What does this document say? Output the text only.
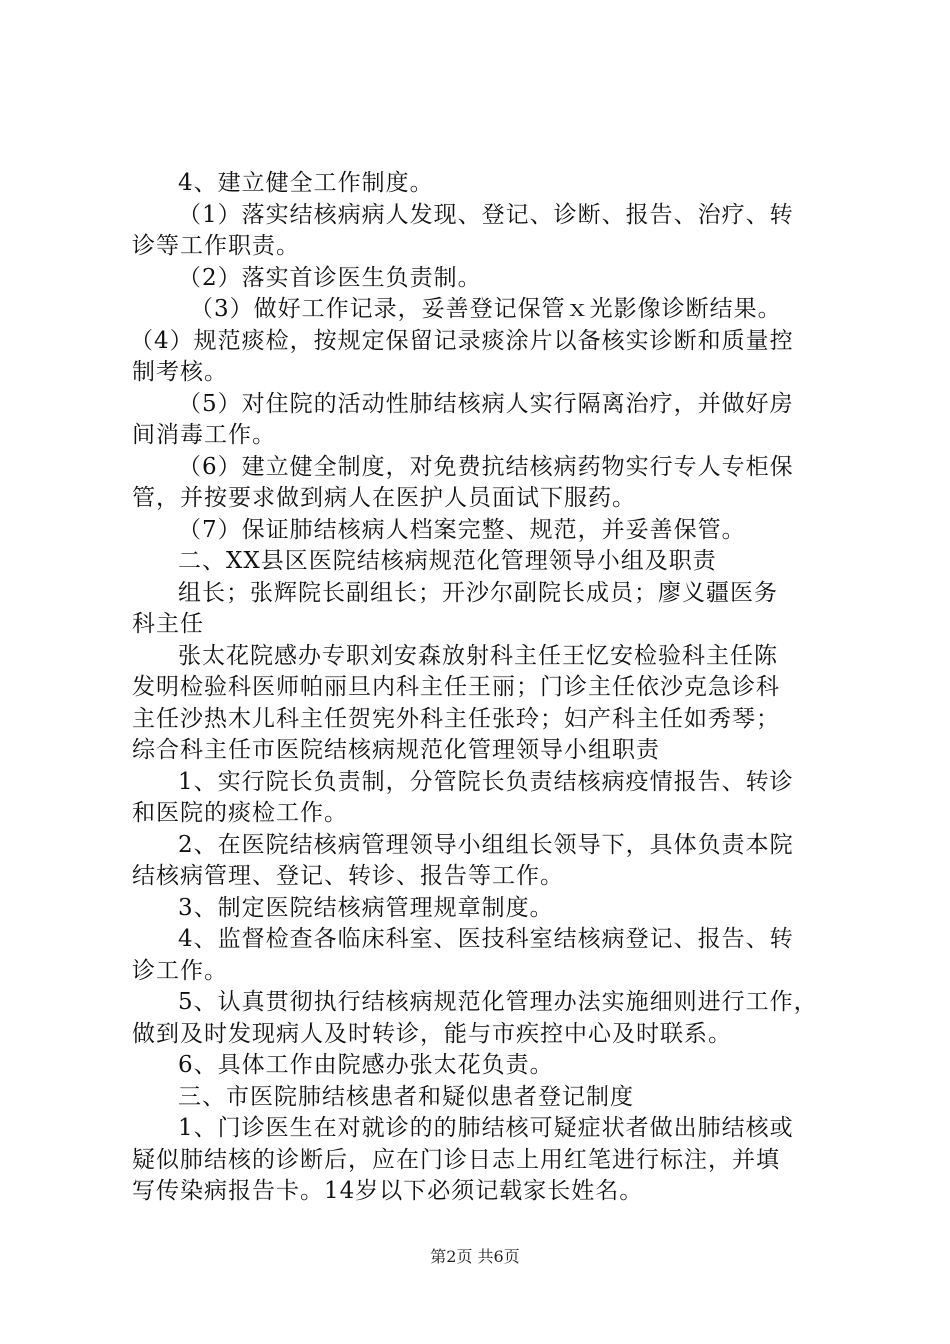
4、建立健全工作制度。
（1）落实结核病病人发现、登记、诊断、报告、治疗、转
诊等工作职责。
（2）落实首诊医生负责制。
（3）做好工作记录，妥善登记保管ｘ光影像诊断结果。
（4）规范痰检，按规定保留记录痰涂片以备核实诊断和质量控
制考核。
（5）对住院的活动性肺结核病人实行隔离治疗，并做好房
间消毒工作。
（6）建立健全制度，对免费抗结核病药物实行专人专柜保
管，并按要求做到病人在医护人员面试下服药。
（7）保证肺结核病人档案完整、规范，并妥善保管。
二、XX县区医院结核病规范化管理领导小组及职责
组长；张辉院长副组长；开沙尔副院长成员；廖义疆医务
科主任
张太花院感办专职刘安森放射科主任王忆安检验科主任陈
发明检验科医师帕丽旦内科主任王丽；门诊主任依沙克急诊科
主任沙热木儿科主任贺宪外科主任张玲；妇产科主任如秀琴；
综合科主任市医院结核病规范化管理领导小组职责
1、实行院长负责制，分管院长负责结核病疫情报告、转诊
和医院的痰检工作。
2、在医院结核病管理领导小组组长领导下，具体负责本院
结核病管理、登记、转诊、报告等工作。
3、制定医院结核病管理规章制度。
4、监督检查各临床科室、医技科室结核病登记、报告、转
诊工作。
5、认真贯彻执行结核病规范化管理办法实施细则进行工作，
做到及时发现病人及时转诊，能与市疾控中心及时联系。
6、具体工作由院感办张太花负责。
三、市医院肺结核患者和疑似患者登记制度
1、门诊医生在对就诊的的肺结核可疑症状者做出肺结核或
疑似肺结核的诊断后，应在门诊日志上用红笔进行标注，并填
写传染病报告卡。14岁以下必须记载家长姓名。
第2页 共6页
